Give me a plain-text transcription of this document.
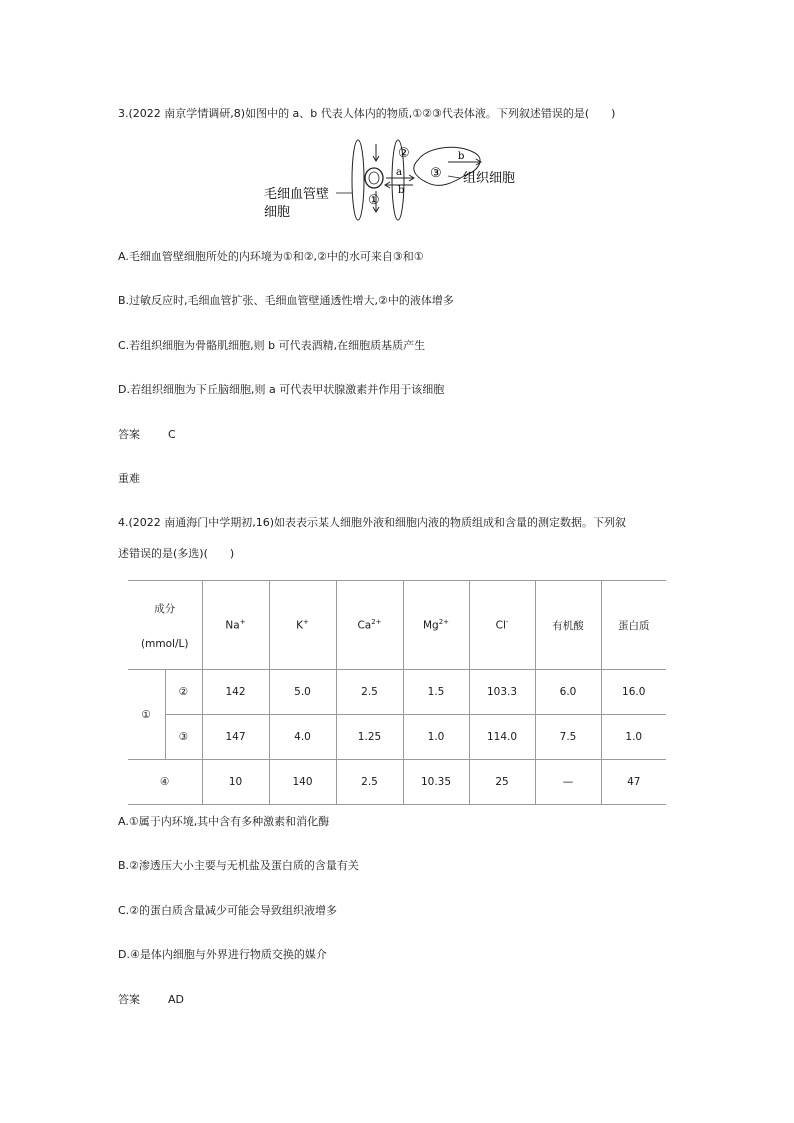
3.(2022 南京学情调研,8)如图中的 a、b 代表人体内的物质,①②③代表体液。下列叙述错误的是(　　)
②
③
①
a
b
b
组织细胞
毛细血管壁
细胞
A.毛细血管壁细胞所处的内环境为①和②,②中的水可来自③和①
B.过敏反应时,毛细血管扩张、毛细血管壁通透性增大,②中的液体增多
C.若组织细胞为骨骼肌细胞,则 b 可代表酒精,在细胞质基质产生
D.若组织细胞为下丘脑细胞,则 a 可代表甲状腺激素并作用于该细胞
答案	C
重难
4.(2022 南通海门中学期初,16)如表表示某人细胞外液和细胞内液的物质组成和含量的测定数据。下列叙
述错误的是(多选)(　　)
成分
(mmol/L)		Na+	K+	$Ca^{2+}$	$Mg^{2+}$	Cl-	有机酸	蛋白质
①	②	142	5.0	2.5	1.5	103.3	6.0	16.0
	③	147	4.0	1.25	1.0	114.0	7.5	1.0
④		10	140	2.5	10.35	25	—	47
A.①属于内环境,其中含有多种激素和消化酶
B.②渗透压大小主要与无机盐及蛋白质的含量有关
C.②的蛋白质含量减少可能会导致组织液增多
D.④是体内细胞与外界进行物质交换的媒介
答案	AD
